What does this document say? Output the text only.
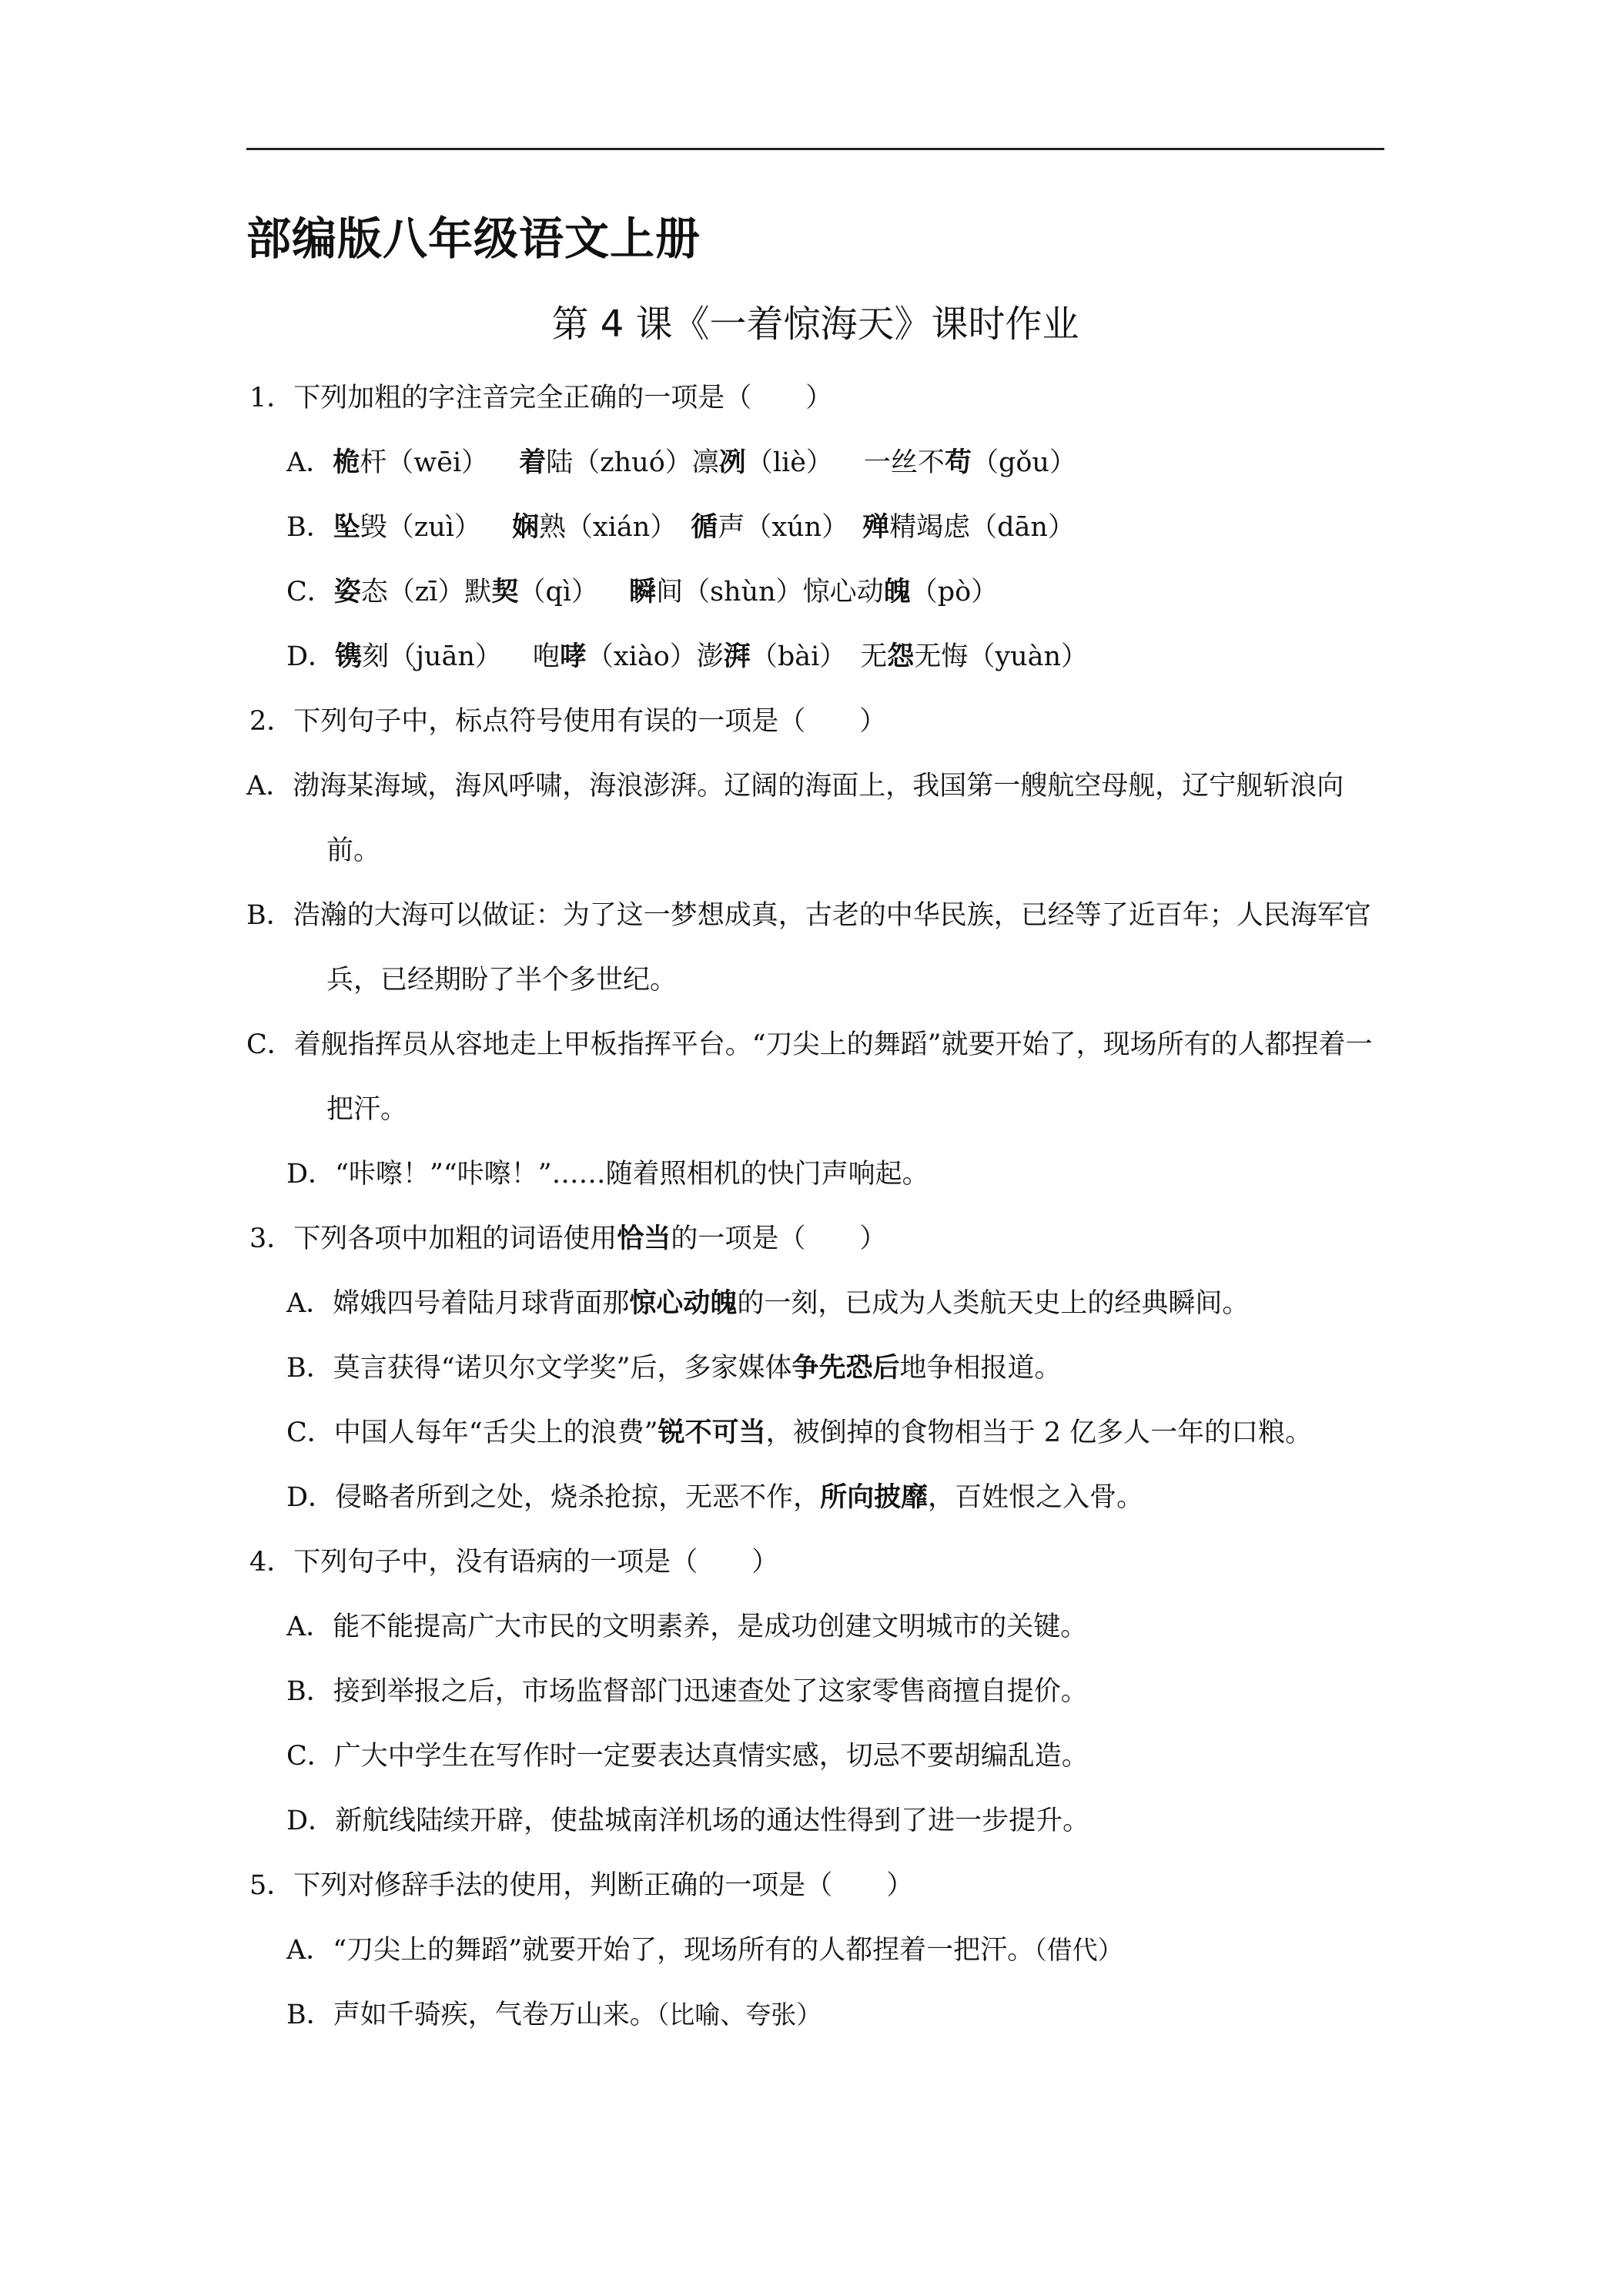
部编版八年级语文上册
第 4 课《一着惊海天》课时作业
1．下列加粗的字注音完全正确的一项是（　　）
A．桅杆（wēi） 着陆（zhuó）凛冽（liè） 一丝不苟（gǒu）
B．坠毁（zuì） 娴熟（xián） 循声（xún） 殚精竭虑（dān）
C．姿态（zī）默契（qì） 瞬间（shùn）惊心动魄（pò）
D．镌刻（juān） 咆哮（xiào）澎湃（bài） 无怨无悔（yuàn）
2．下列句子中，标点符号使用有误的一项是（　　）
A．渤海某海域，海风呼啸，海浪澎湃。辽阔的海面上，我国第一艘航空母舰，辽宁舰斩浪向前。
B．浩瀚的大海可以做证：为了这一梦想成真，古老的中华民族，已经等了近百年；人民海军官兵，已经期盼了半个多世纪。
C．着舰指挥员从容地走上甲板指挥平台。“刀尖上的舞蹈”就要开始了，现场所有的人都捏着一把汗。
D．“咔嚓！”“咔嚓！”……随着照相机的快门声响起。
3．下列各项中加粗的词语使用恰当的一项是（　　）
A．嫦娥四号着陆月球背面那惊心动魄的一刻，已成为人类航天史上的经典瞬间。
B．莫言获得“诺贝尔文学奖”后，多家媒体争先恐后地争相报道。
C．中国人每年“舌尖上的浪费”锐不可当，被倒掉的食物相当于 2 亿多人一年的口粮。
D．侵略者所到之处，烧杀抢掠，无恶不作，所向披靡，百姓恨之入骨。
4．下列句子中，没有语病的一项是（　　）
A．能不能提高广大市民的文明素养，是成功创建文明城市的关键。
B．接到举报之后，市场监督部门迅速查处了这家零售商擅自提价。
C．广大中学生在写作时一定要表达真情实感，切忌不要胡编乱造。
D．新航线陆续开辟，使盐城南洋机场的通达性得到了进一步提升。
5．下列对修辞手法的使用，判断正确的一项是（　　）
A．“刀尖上的舞蹈”就要开始了，现场所有的人都捏着一把汗。（借代）
B．声如千骑疾，气卷万山来。（比喻、夸张）
